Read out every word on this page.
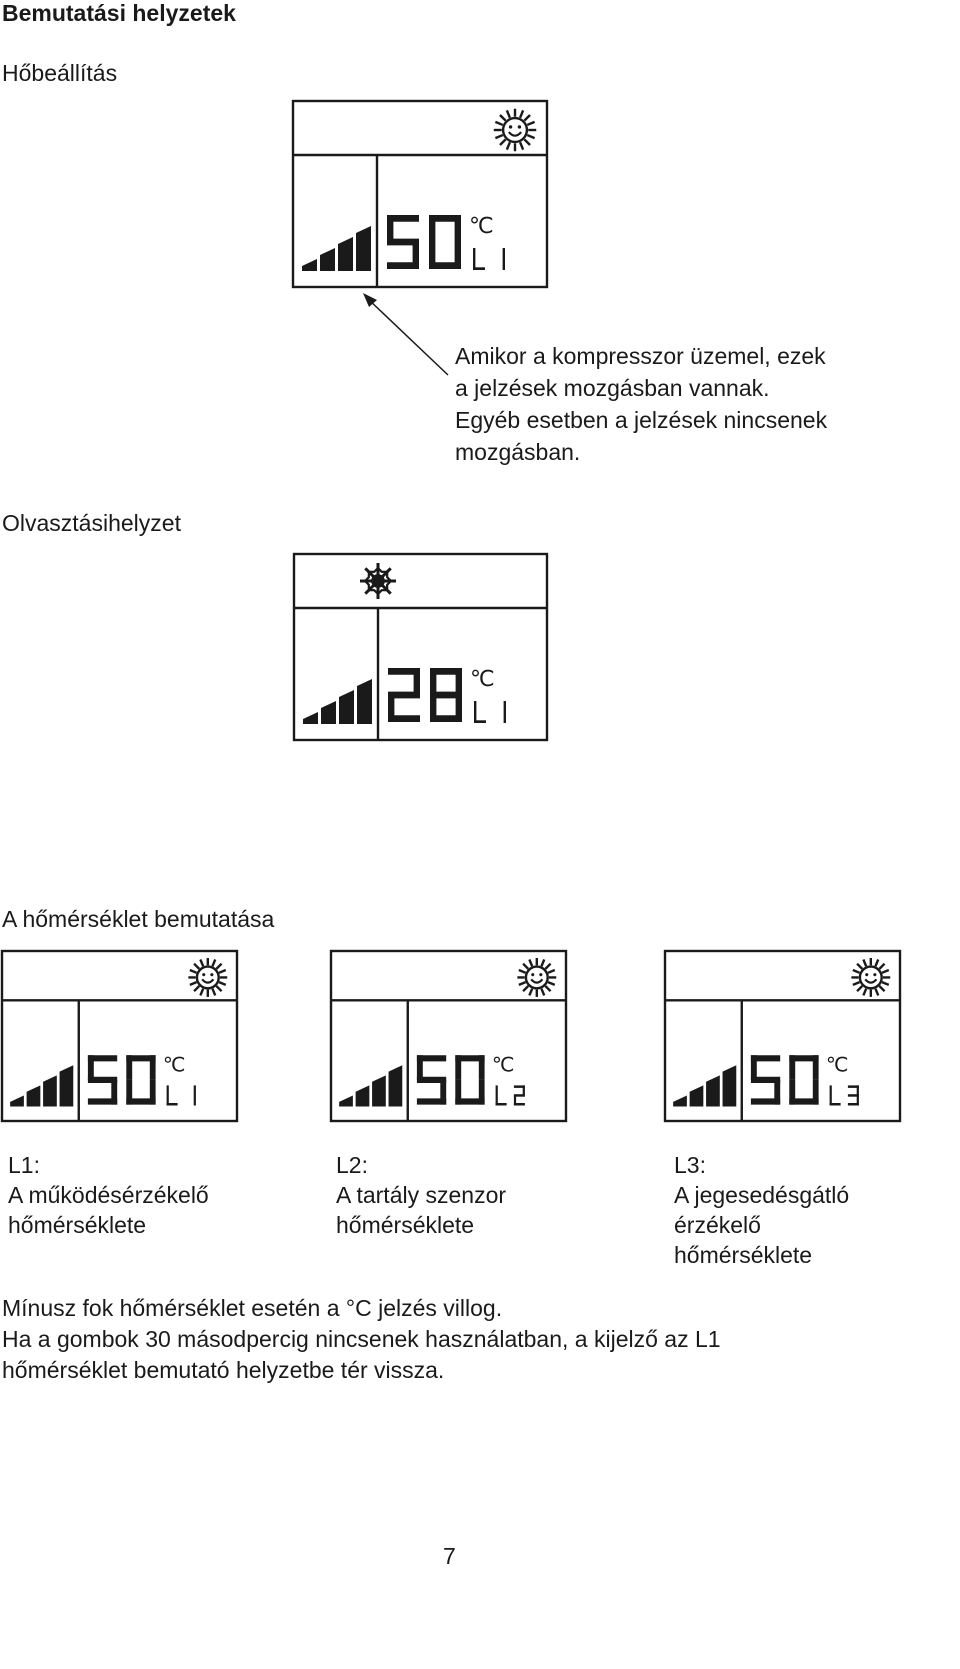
Bemutatási helyzetek
Hőbeállítás
℃
Amikor a kompresszor üzemel, ezek
a jelzések mozgásban vannak.
Egyéb esetben a jelzések nincsenek
mozgásban.
Olvasztásihelyzet
℃
A hőmérséklet bemutatása
℃	℃	℃
L1:
A működésérzékelő
hőmérséklete
L2:
A tartály szenzor
hőmérséklete
L3:
A jegesedésgátló
érzékelő
hőmérséklete
Mínusz fok hőmérséklet esetén a °C jelzés villog.
Ha a gombok 30 másodpercig nincsenek használatban, a kijelző az L1
hőmérséklet bemutató helyzetbe tér vissza.
7
